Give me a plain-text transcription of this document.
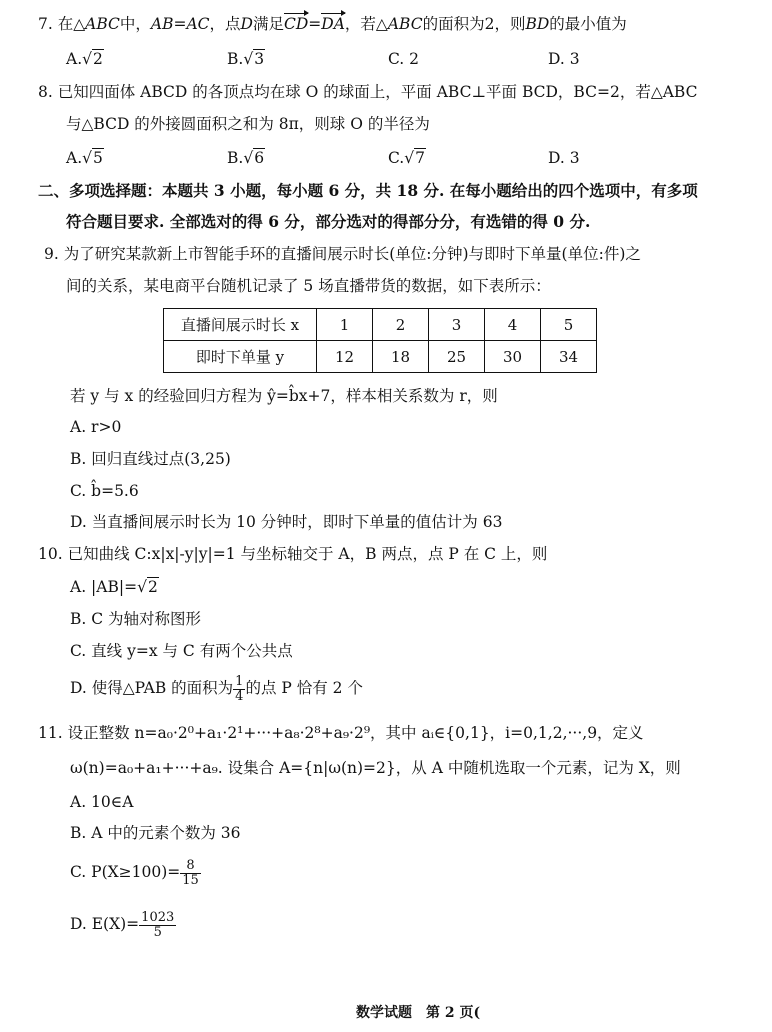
7. 在△ABC中，AB=AC，点D满足CD=DA，若△ABC的面积为2，则BD的最小值为
A.√2	B.√3	C. 2	D. 3
8. 已知四面体 ABCD 的各顶点均在球 O 的球面上，平面 ABC⊥平面 BCD，BC=2，若△ABC
与△BCD 的外接圆面积之和为 8π，则球 O 的半径为
A.√5	B.√6	C.√7	D. 3
二、多项选择题：本题共 3 小题，每小题 6 分，共 18 分. 在每小题给出的四个选项中，有多项
符合题目要求. 全部选对的得 6 分，部分选对的得部分分，有选错的得 0 分.
9. 为了研究某款新上市智能手环的直播间展示时长(单位:分钟)与即时下单量(单位:件)之
间的关系，某电商平台随机记录了 5 场直播带货的数据，如下表所示：
直播间展示时长 x	1	2	3	4	5
即时下单量 y	12	18	25	30	34
若 y 与 x 的经验回归方程为 ŷ=b̂x+7，样本相关系数为 r，则
A. r>0
B. 回归直线过点(3,25)
C. b̂=5.6
D. 当直播间展示时长为 10 分钟时，即时下单量的值估计为 63
10. 已知曲线 C:x|x|-y|y|=1 与坐标轴交于 A，B 两点，点 P 在 C 上，则
A. |AB|=√2
B. C 为轴对称图形
C. 直线 y=x 与 C 有两个公共点
D. 使得△PAB 的面积为 $\frac{1}{4}$ 的点 P 恰有 2 个
11. 设正整数 n=a₀·2⁰+a₁·2¹+···+a₈·2⁸+a₉·2⁹，其中 aᵢ∈{0,1}，i=0,1,2,···,9，定义
ω(n)=a₀+a₁+···+a₉. 设集合 A={n|ω(n)=2}，从 A 中随机选取一个元素，记为 X，则
A. 10∈A
B. A 中的元素个数为 36
C. $P(X\ge 100)= \frac{8}{15}$
D. $E(X)= \frac{1023}{5}$
数学试题　第 2 页(
